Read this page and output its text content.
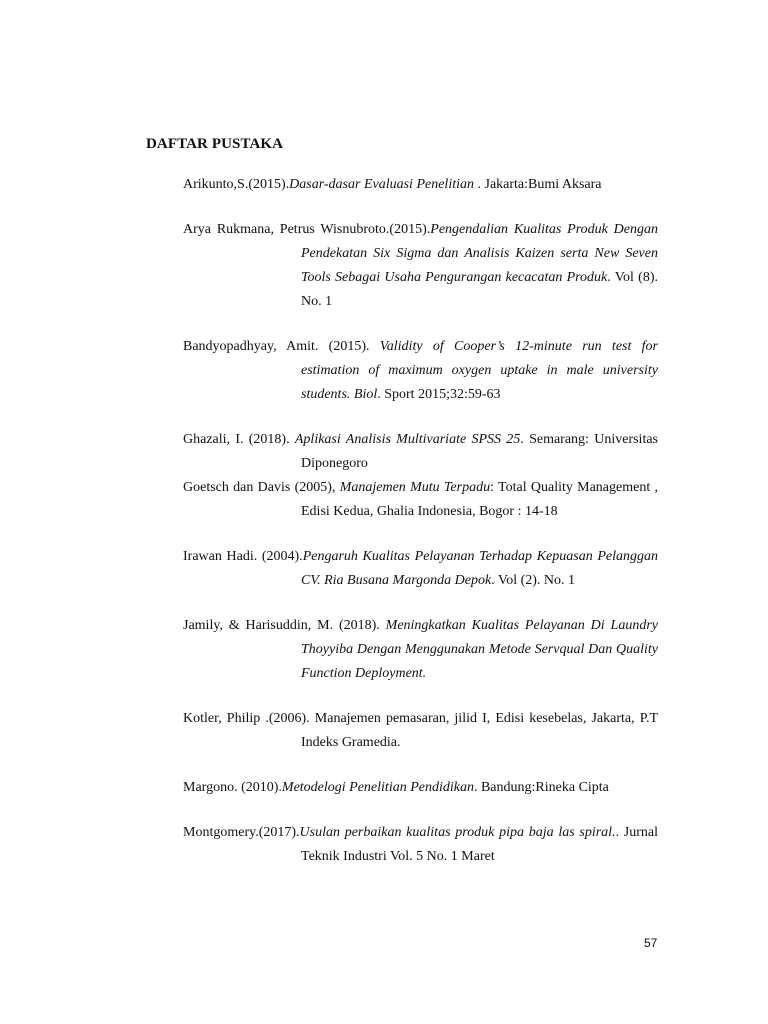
DAFTAR PUSTAKA

Arikunto,S.(2015).Dasar-dasar Evaluasi Penelitian . Jakarta:Bumi Aksara

Arya Rukmana, Petrus Wisnubroto.(2015).Pengendalian Kualitas Produk Dengan Pendekatan Six Sigma dan Analisis Kaizen serta New Seven Tools Sebagai Usaha Pengurangan kecacatan Produk. Vol (8). No. 1

Bandyopadhyay, Amit. (2015). Validity of Cooper’s 12-minute run test for estimation of maximum oxygen uptake in male university students. Biol. Sport 2015;32:59-63

Ghazali, I. (2018). Aplikasi Analisis Multivariate SPSS 25. Semarang: Universitas Diponegoro

Goetsch dan Davis (2005), Manajemen Mutu Terpadu: Total Quality Management , Edisi Kedua, Ghalia Indonesia, Bogor : 14-18

Irawan Hadi. (2004).Pengaruh Kualitas Pelayanan Terhadap Kepuasan Pelanggan CV. Ria Busana Margonda Depok. Vol (2). No. 1

Jamily, & Harisuddin, M. (2018). Meningkatkan Kualitas Pelayanan Di Laundry Thoyyiba Dengan Menggunakan Metode Servqual Dan Quality Function Deployment.

Kotler, Philip .(2006). Manajemen pemasaran, jilid I, Edisi kesebelas, Jakarta, P.T Indeks Gramedia.

Margono. (2010).Metodelogi Penelitian Pendidikan. Bandung:Rineka Cipta

Montgomery.(2017).Usulan perbaikan kualitas produk pipa baja las spiral.. Jurnal Teknik Industri Vol. 5 No. 1 Maret

57
